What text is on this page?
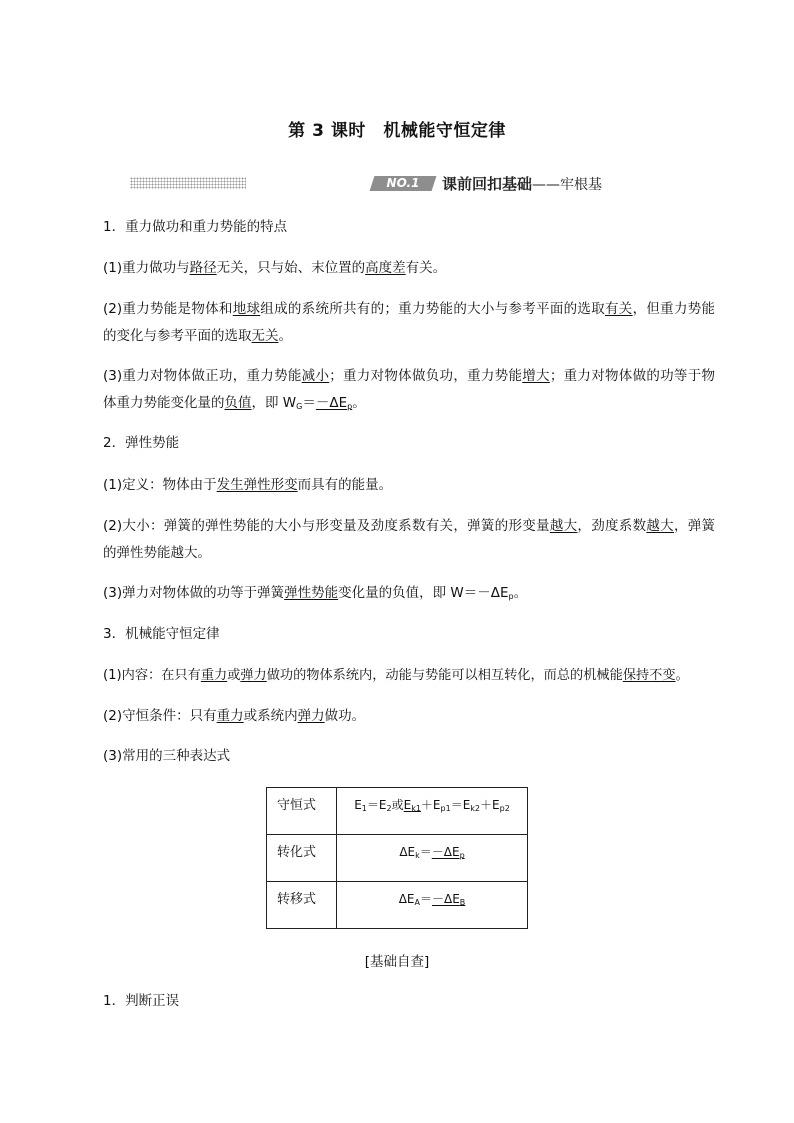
第 3 课时　机械能守恒定律
NO.1	课前回扣基础——牢根基
1．重力做功和重力势能的特点
(1)重力做功与路径无关，只与始、末位置的高度差有关。
(2)重力势能是物体和地球组成的系统所共有的；重力势能的大小与参考平面的选取有关，但重力势能的变化与参考平面的选取无关。
(3)重力对物体做正功，重力势能减小；重力对物体做负功，重力势能增大；重力对物体做的功等于物体重力势能变化量的负值，即 WG＝－ΔEp。
2．弹性势能
(1)定义：物体由于发生弹性形变而具有的能量。
(2)大小：弹簧的弹性势能的大小与形变量及劲度系数有关，弹簧的形变量越大，劲度系数越大，弹簧的弹性势能越大。
(3)弹力对物体做的功等于弹簧弹性势能变化量的负值，即 W＝－ΔEp。
3．机械能守恒定律
(1)内容：在只有重力或弹力做功的物体系统内，动能与势能可以相互转化，而总的机械能保持不变。
(2)守恒条件：只有重力或系统内弹力做功。
(3)常用的三种表达式
守恒式	E1＝E2或Ek1＋Ep1＝Ek2＋Ep2
转化式	ΔEk＝－ΔEp
转移式	ΔEA＝－ΔEB
[基础自查]
1．判断正误
